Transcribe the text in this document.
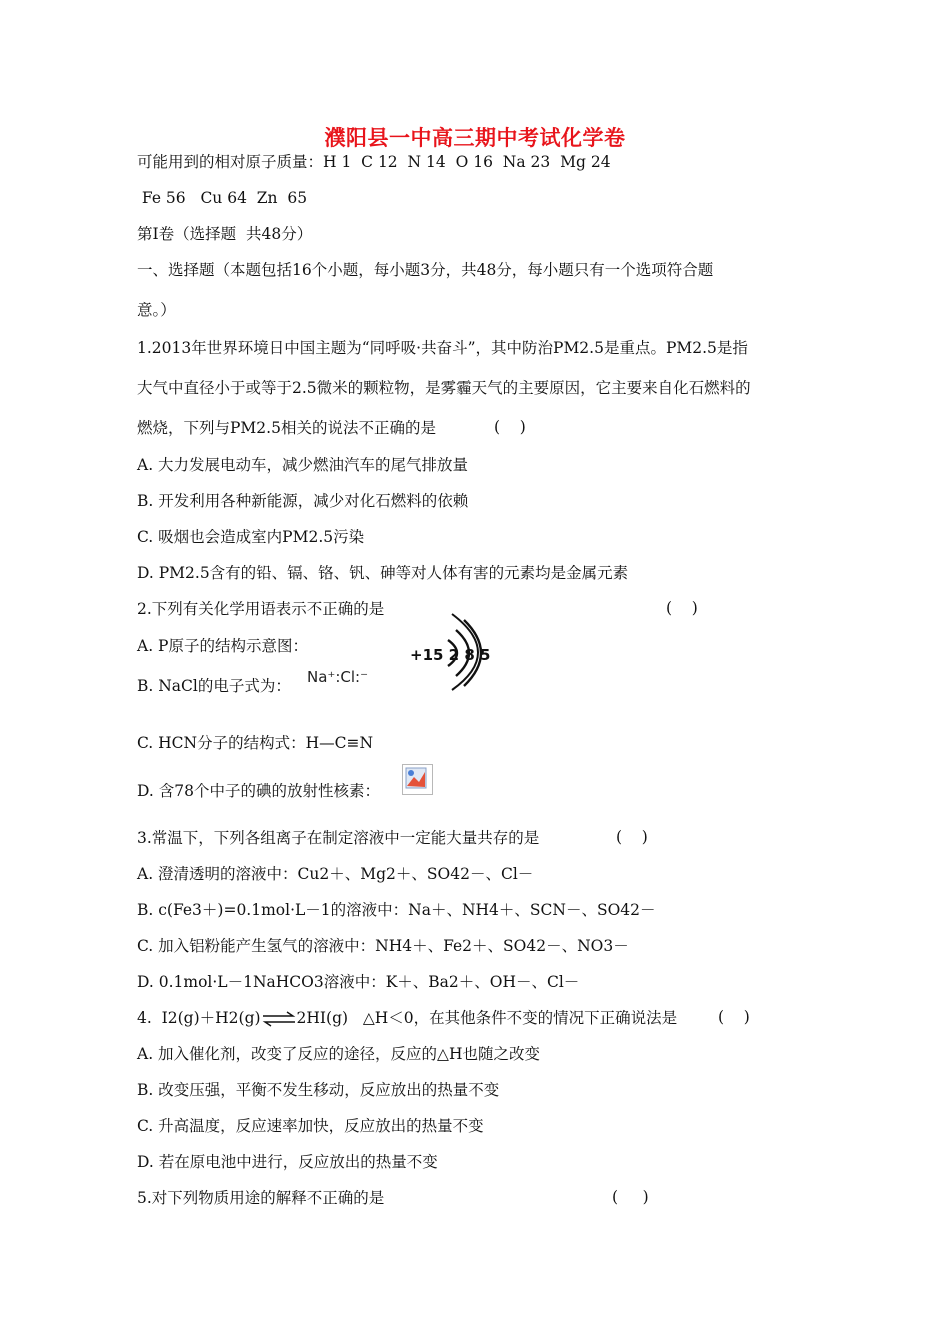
濮阳县一中高三期中考试化学卷
可能用到的相对原子质量：H 1  C 12  N 14  O 16  Na 23  Mg 24
Fe 56   Cu 64  Zn  65
第Ⅰ卷（选择题  共48分）
一、选择题（本题包括16个小题，每小题3分，共48分，每小题只有一个选项符合题
意。）
1.2013年世界环境日中国主题为“同呼吸·共奋斗”，其中防治PM2.5是重点。PM2.5是指
大气中直径小于或等于2.5微米的颗粒物，是雾霾天气的主要原因，它主要来自化石燃料的
燃烧，下列与PM2.5相关的说法不正确的是	(    )
A. 大力发展电动车，减少燃油汽车的尾气排放量
B. 开发利用各种新能源，减少对化石燃料的依赖
C. 吸烟也会造成室内PM2.5污染
D. PM2.5含有的铅、镉、铬、钒、砷等对人体有害的元素均是金属元素
2.下列有关化学用语表示不正确的是	(    )
A. P原子的结构示意图：	+15 2 8 5
B. NaCl的电子式为： Na⁺:Cl:⁻
C. HCN分子的结构式：H—C≡N
D. 含78个中子的碘的放射性核素：
3.常温下，下列各组离子在制定溶液中一定能大量共存的是	(    )
A. 澄清透明的溶液中：Cu2＋、Mg2＋、SO42－、Cl－
B. c(Fe3＋)=0.1mol·L－1的溶液中：Na＋、NH4＋、SCN－、SO42－
C. 加入铝粉能产生氢气的溶液中：NH4＋、Fe2＋、SO42－、NO3－
D. 0.1mol·L－1NaHCO3溶液中：K＋、Ba2＋、OH－、Cl－
4.  I2(g)＋H2(g)⇌2HI(g)   △H＜0，在其他条件不变的情况下正确说法是	(    )
A. 加入催化剂，改变了反应的途径，反应的△H也随之改变
B. 改变压强，平衡不发生移动，反应放出的热量不变
C. 升高温度，反应速率加快，反应放出的热量不变
D. 若在原电池中进行，反应放出的热量不变
5.对下列物质用途的解释不正确的是	(     )
